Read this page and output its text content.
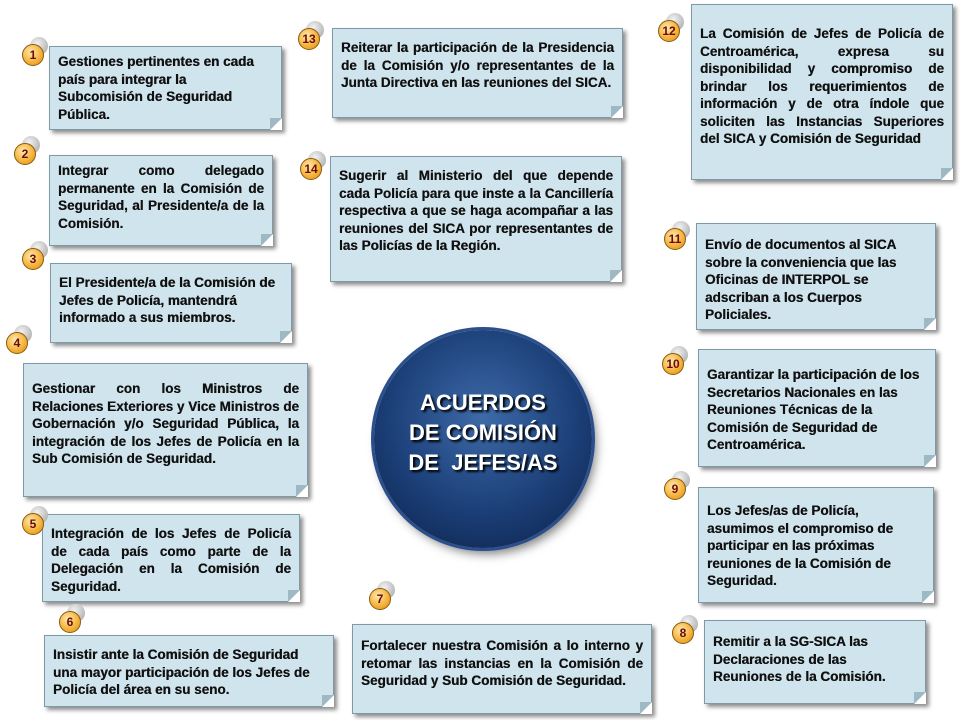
ACUERDOS
DE COMISIÓN
DE  JEFES/AS
Gestiones pertinentes en cada país para integrar la Subcomisión de Seguridad Pública.
1
Integrar como delegado permanente en la Comisión de Seguridad, al Presidente/a de la Comisión.
2
El Presidente/a de la Comisión de Jefes de Policía, mantendrá informado a sus miembros.
3
Gestionar con los Ministros de Relaciones Exteriores y Vice Ministros de Gobernación y/o Seguridad Pública, la integración de los Jefes de Policía en la Sub Comisión de Seguridad.
4
Integración de los Jefes de Policía de cada país como parte de la Delegación en la Comisión de Seguridad.
5
Insistir ante la Comisión de Seguridad una mayor participación de los Jefes de Policía del área en su seno.
6
Fortalecer nuestra Comisión a lo interno y retomar las instancias en la Comisión de Seguridad y Sub Comisión de Seguridad.
7
Remitir a la SG-SICA las Declaraciones de las Reuniones de la Comisión.
8
Los Jefes/as de Policía, asumimos el compromiso de participar en las próximas reuniones de la Comisión de Seguridad.
9
Garantizar la participación de los Secretarios Nacionales en las Reuniones Técnicas de la Comisión de Seguridad de Centroamérica.
10
Envío de documentos al SICA sobre la conveniencia que las Oficinas de INTERPOL se adscriban a los Cuerpos Policiales.
11
La Comisión de Jefes de Policía de Centroamérica, expresa su disponibilidad y compromiso de brindar los requerimientos de información y de otra índole que soliciten las Instancias Superiores del SICA y Comisión de Seguridad
12
Reiterar la participación de la Presidencia de la Comisión y/o representantes de la Junta Directiva en las reuniones del SICA.
13
Sugerir al Ministerio del que depende cada Policía para que inste a la Cancillería respectiva a que se haga acompañar a las reuniones del SICA por representantes de las Policías de la Región.
14
